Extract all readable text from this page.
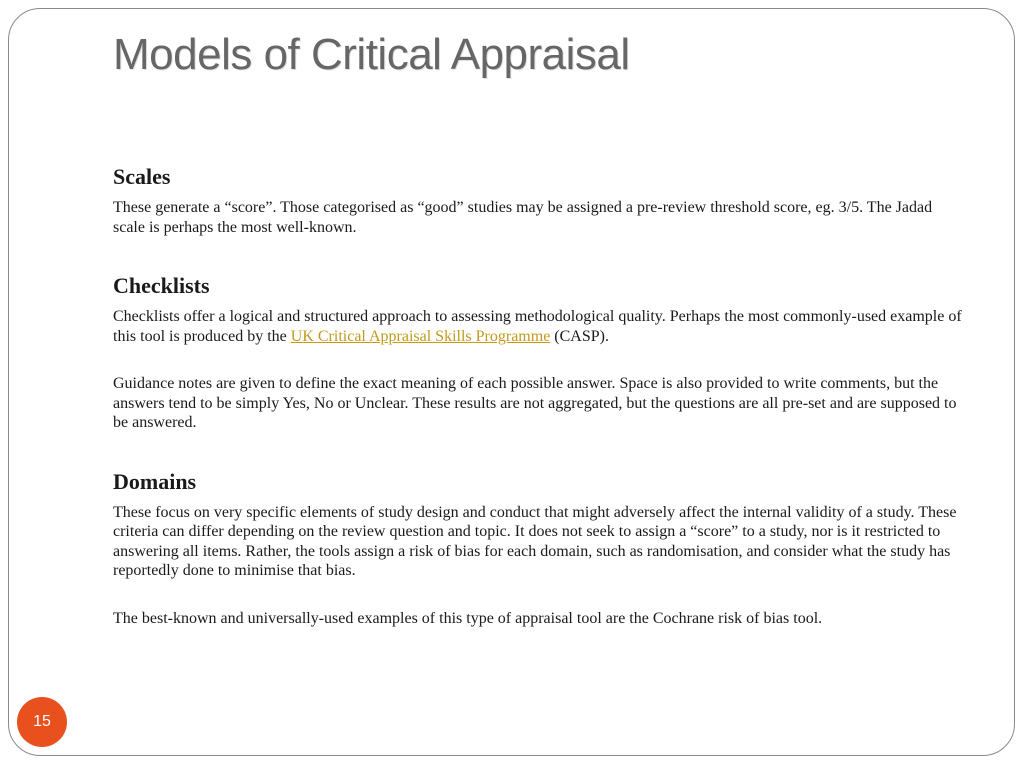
Models of Critical Appraisal
Scales

These generate a “score”. Those categorised as “good” studies may be assigned a pre-review threshold score, eg. 3/5. The Jadad scale is perhaps the most well-known.

Checklists

Checklists offer a logical and structured approach to assessing methodological quality. Perhaps the most commonly-used example of this tool is produced by the UK Critical Appraisal Skills Programme (CASP).

Guidance notes are given to define the exact meaning of each possible answer. Space is also provided to write comments, but the answers tend to be simply Yes, No or Unclear. These results are not aggregated, but the questions are all pre-set and are supposed to be answered.

Domains

These focus on very specific elements of study design and conduct that might adversely affect the internal validity of a study. These criteria can differ depending on the review question and topic. It does not seek to assign a “score” to a study, nor is it restricted to answering all items. Rather, the tools assign a risk of bias for each domain, such as randomisation, and consider what the study has reportedly done to minimise that bias.

The best-known and universally-used examples of this type of appraisal tool are the Cochrane risk of bias tool.

15
